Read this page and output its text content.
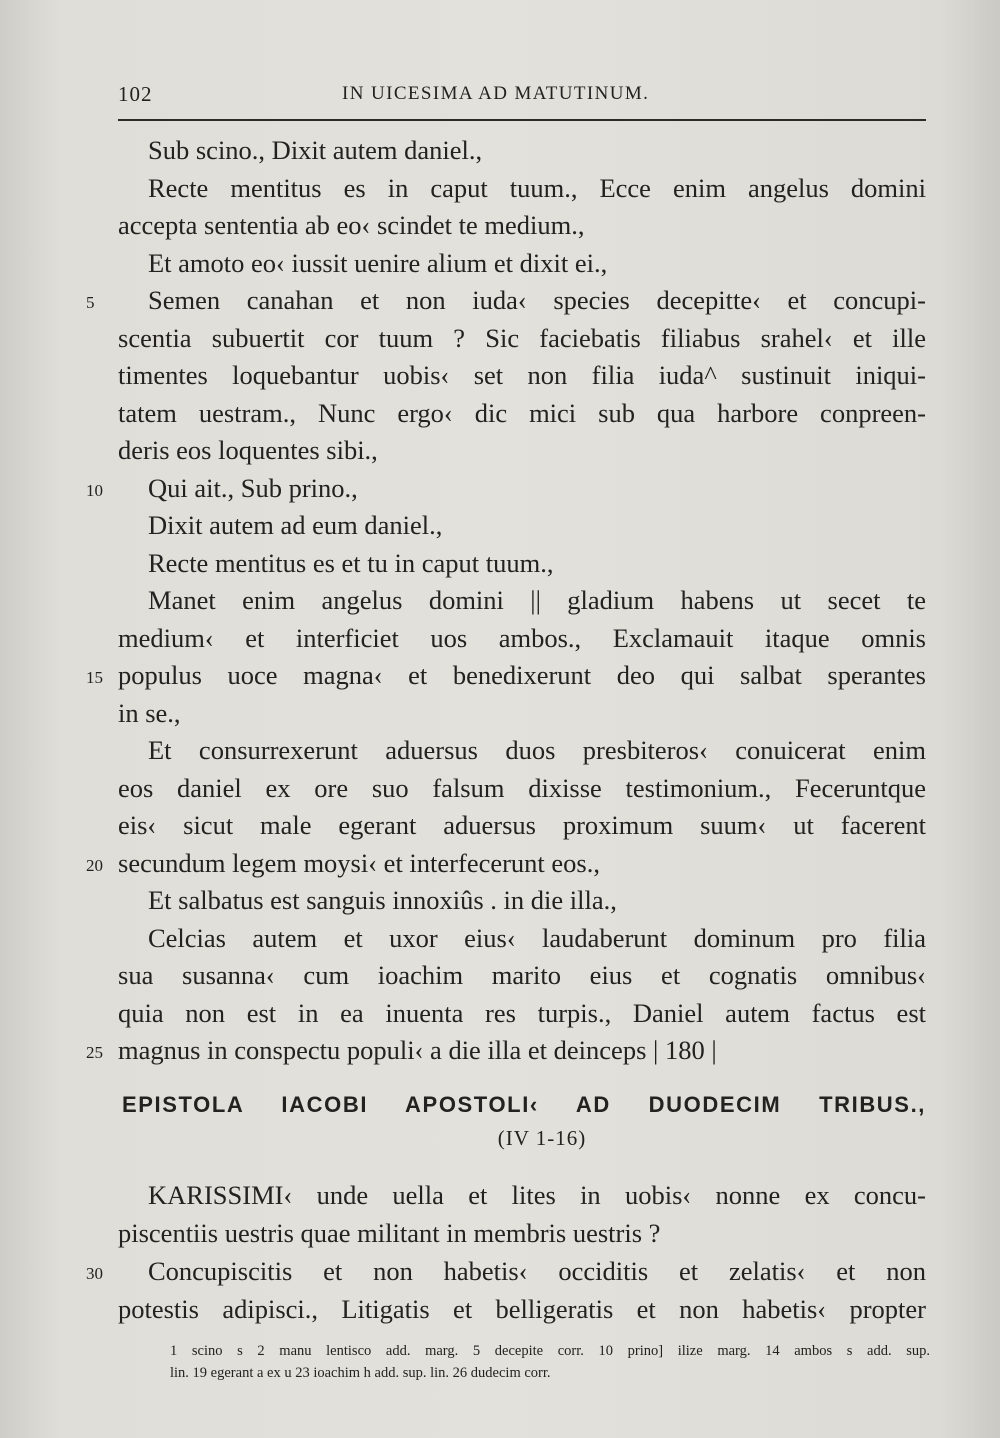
102	IN UICESIMA AD MATUTINUM.
Sub scino., Dixit autem daniel.,
Recte mentitus es in caput tuum., Ecce enim angelus domini
accepta sententia ab eo‹ scindet te medium.,
Et amoto eo‹ iussit uenire alium et dixit ei.,
Semen canahan et non iuda‹ species decepitte‹ et concupi-
5
scentia subuertit cor tuum ? Sic faciebatis filiabus srahel‹ et ille
timentes loquebantur uobis‹ set non filia iuda^ sustinuit iniqui-
tatem uestram., Nunc ergo‹ dic mici sub qua harbore conpreen-
deris eos loquentes sibi.,
Qui ait., Sub prino.,
10
Dixit autem ad eum daniel.,
Recte mentitus es et tu in caput tuum.,
Manet enim angelus domini || gladium habens ut secet te
medium‹ et interficiet uos ambos., Exclamauit itaque omnis
populus uoce magna‹ et benedixerunt deo qui salbat sperantes
15
in se.,
Et consurrexerunt aduersus duos presbiteros‹ conuicerat enim
eos daniel ex ore suo falsum dixisse testimonium., Feceruntque
eis‹ sicut male egerant aduersus proximum suum‹ ut facerent
secundum legem moysi‹ et interfecerunt eos.,
20
Et salbatus est sanguis innoxiûs . in die illa.,
Celcias autem et uxor eius‹ laudaberunt dominum pro filia
sua susanna‹ cum ioachim marito eius et cognatis omnibus‹
quia non est in ea inuenta res turpis., Daniel autem factus est
magnus in conspectu populi‹ a die illa et deinceps | 180 |
25
EPISTOLA IACOBI APOSTOLI‹ AD DUODECIM TRIBUS.,
(IV 1-16)
KARISSIMI‹ unde uella et lites in uobis‹ nonne ex concu-
piscentiis uestris quae militant in membris uestris ?
Concupiscitis et non habetis‹ occiditis et zelatis‹ et non
30
potestis adipisci., Litigatis et belligeratis et non habetis‹ propter
1 scino s 2 manu lentisco add. marg. 5 decepite corr. 10 prino] ilize marg. 14 ambos s add. sup.
lin. 19 egerant a ex u 23 ioachim h add. sup. lin. 26 dudecim corr.
